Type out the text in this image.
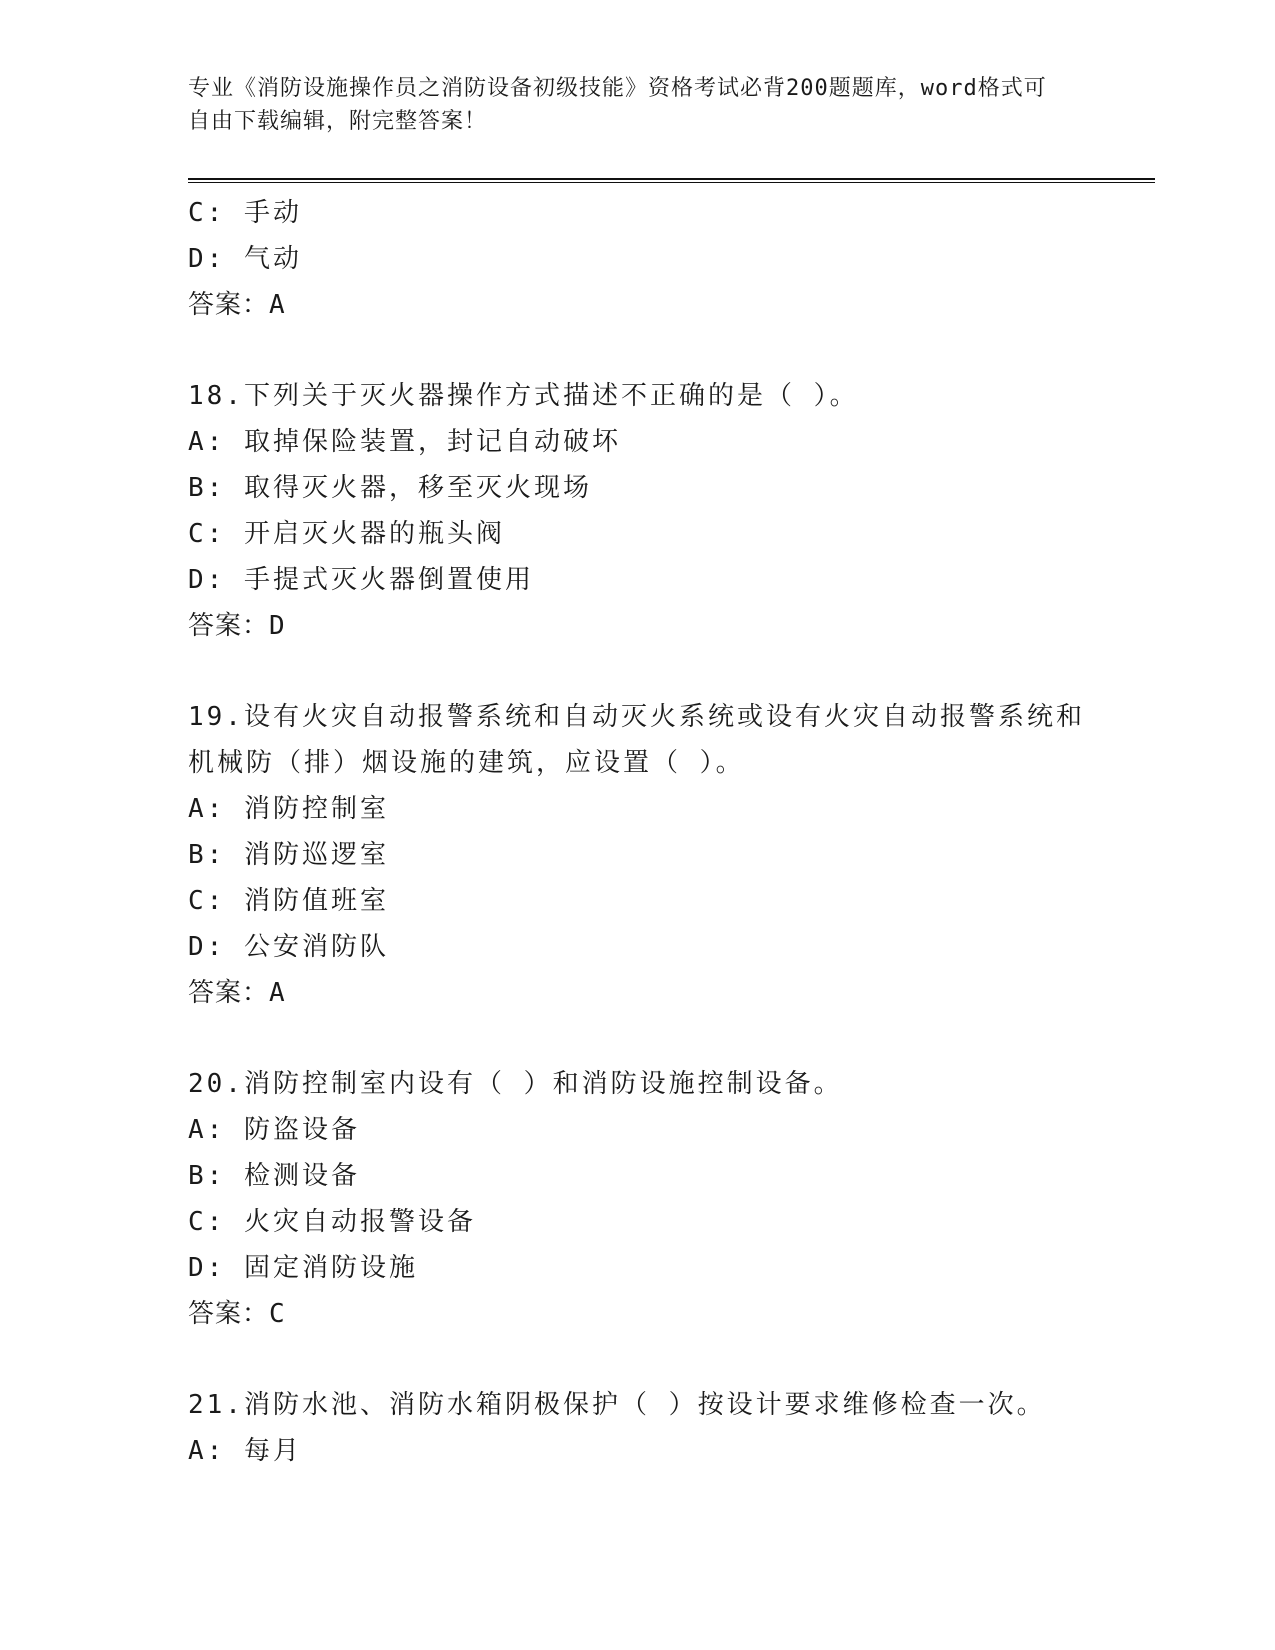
专业《消防设施操作员之消防设备初级技能》资格考试必背200题题库，word格式可自由下载编辑，附完整答案！
C: 手动
D: 气动
答案：A
18.下列关于灭火器操作方式描述不正确的是（ ）。
A: 取掉保险装置，封记自动破坏
B: 取得灭火器，移至灭火现场
C: 开启灭火器的瓶头阀
D: 手提式灭火器倒置使用
答案：D
19.设有火灾自动报警系统和自动灭火系统或设有火灾自动报警系统和
机械防（排）烟设施的建筑，应设置（ ）。
A: 消防控制室
B: 消防巡逻室
C: 消防值班室
D: 公安消防队
答案：A
20.消防控制室内设有（ ）和消防设施控制设备。
A: 防盗设备
B: 检测设备
C: 火灾自动报警设备
D: 固定消防设施
答案：C
21.消防水池、消防水箱阴极保护（ ）按设计要求维修检查一次。
A: 每月
